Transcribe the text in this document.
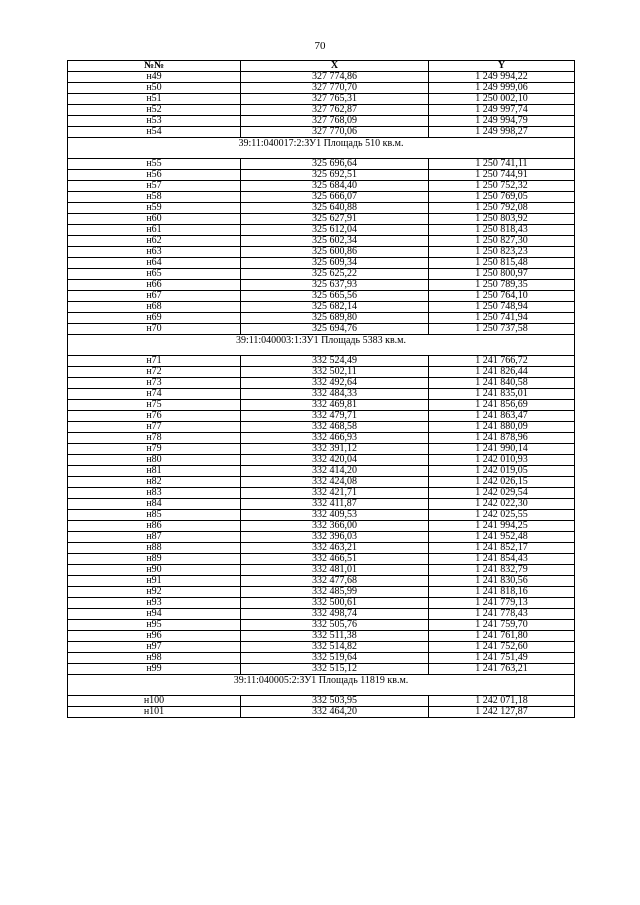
70
№№	X	Y
н49	327 774,86	1 249 994,22
н50	327 770,70	1 249 999,06
н51	327 765,31	1 250 002,10
н52	327 762,87	1 249 997,74
н53	327 768,09	1 249 994,79
н54	327 770,06	1 249 998,27
39:11:040017:2:ЗУ1 Площадь 510 кв.м.		
н55	325 696,64	1 250 741,11
н56	325 692,51	1 250 744,91
н57	325 684,40	1 250 752,32
н58	325 666,07	1 250 769,05
н59	325 640,88	1 250 792,08
н60	325 627,91	1 250 803,92
н61	325 612,04	1 250 818,43
н62	325 602,34	1 250 827,30
н63	325 600,86	1 250 823,23
н64	325 609,34	1 250 815,48
н65	325 625,22	1 250 800,97
н66	325 637,93	1 250 789,35
н67	325 665,56	1 250 764,10
н68	325 682,14	1 250 748,94
н69	325 689,80	1 250 741,94
н70	325 694,76	1 250 737,58
39:11:040003:1:ЗУ1 Площадь 5383 кв.м.		
н71	332 524,49	1 241 766,72
н72	332 502,11	1 241 826,44
н73	332 492,64	1 241 840,58
н74	332 484,33	1 241 835,01
н75	332 469,81	1 241 856,69
н76	332 479,71	1 241 863,47
н77	332 468,58	1 241 880,09
н78	332 466,93	1 241 878,96
н79	332 391,12	1 241 990,14
н80	332 420,04	1 242 010,93
н81	332 414,20	1 242 019,05
н82	332 424,08	1 242 026,15
н83	332 421,71	1 242 029,54
н84	332 411,87	1 242 022,30
н85	332 409,53	1 242 025,55
н86	332 366,00	1 241 994,25
н87	332 396,03	1 241 952,48
н88	332 463,21	1 241 852,17
н89	332 466,51	1 241 854,43
н90	332 481,01	1 241 832,79
н91	332 477,68	1 241 830,56
н92	332 485,99	1 241 818,16
н93	332 500,61	1 241 779,13
н94	332 498,74	1 241 778,43
н95	332 505,76	1 241 759,70
н96	332 511,38	1 241 761,80
н97	332 514,82	1 241 752,60
н98	332 519,64	1 241 751,49
н99	332 515,12	1 241 763,21
39:11:040005:2:ЗУ1 Площадь 11819 кв.м.		
н100	332 503,95	1 242 071,18
н101	332 464,20	1 242 127,87
